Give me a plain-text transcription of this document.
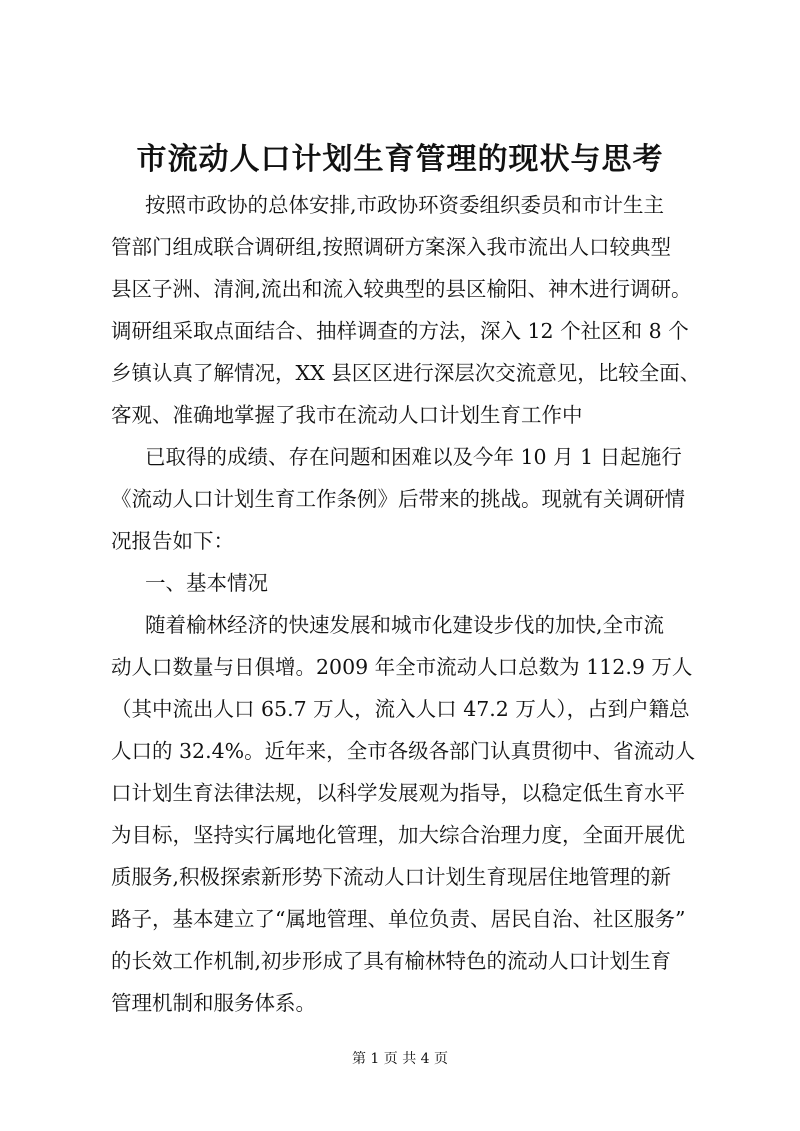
市流动人口计划生育管理的现状与思考
按照市政协的总体安排,市政协环资委组织委员和市计生主
管部门组成联合调研组,按照调研方案深入我市流出人口较典型
县区子洲、清涧,流出和流入较典型的县区榆阳、神木进行调研。
调研组采取点面结合、抽样调查的方法，深入 12 个社区和 8 个
乡镇认真了解情况，XX 县区区进行深层次交流意见，比较全面、
客观、准确地掌握了我市在流动人口计划生育工作中
已取得的成绩、存在问题和困难以及今年 10 月 1 日起施行
《流动人口计划生育工作条例》后带来的挑战。现就有关调研情
况报告如下：
一、基本情况
随着榆林经济的快速发展和城市化建设步伐的加快,全市流
动人口数量与日俱增。2009 年全市流动人口总数为 112.9 万人
（其中流出人口 65.7 万人，流入人口 47.2 万人），占到户籍总
人口的 32.4%。近年来，全市各级各部门认真贯彻中、省流动人
口计划生育法律法规，以科学发展观为指导，以稳定低生育水平
为目标，坚持实行属地化管理，加大综合治理力度，全面开展优
质服务,积极探索新形势下流动人口计划生育现居住地管理的新
路子，基本建立了“属地管理、单位负责、居民自治、社区服务”
的长效工作机制,初步形成了具有榆林特色的流动人口计划生育
管理机制和服务体系。
第 1 页 共 4 页
